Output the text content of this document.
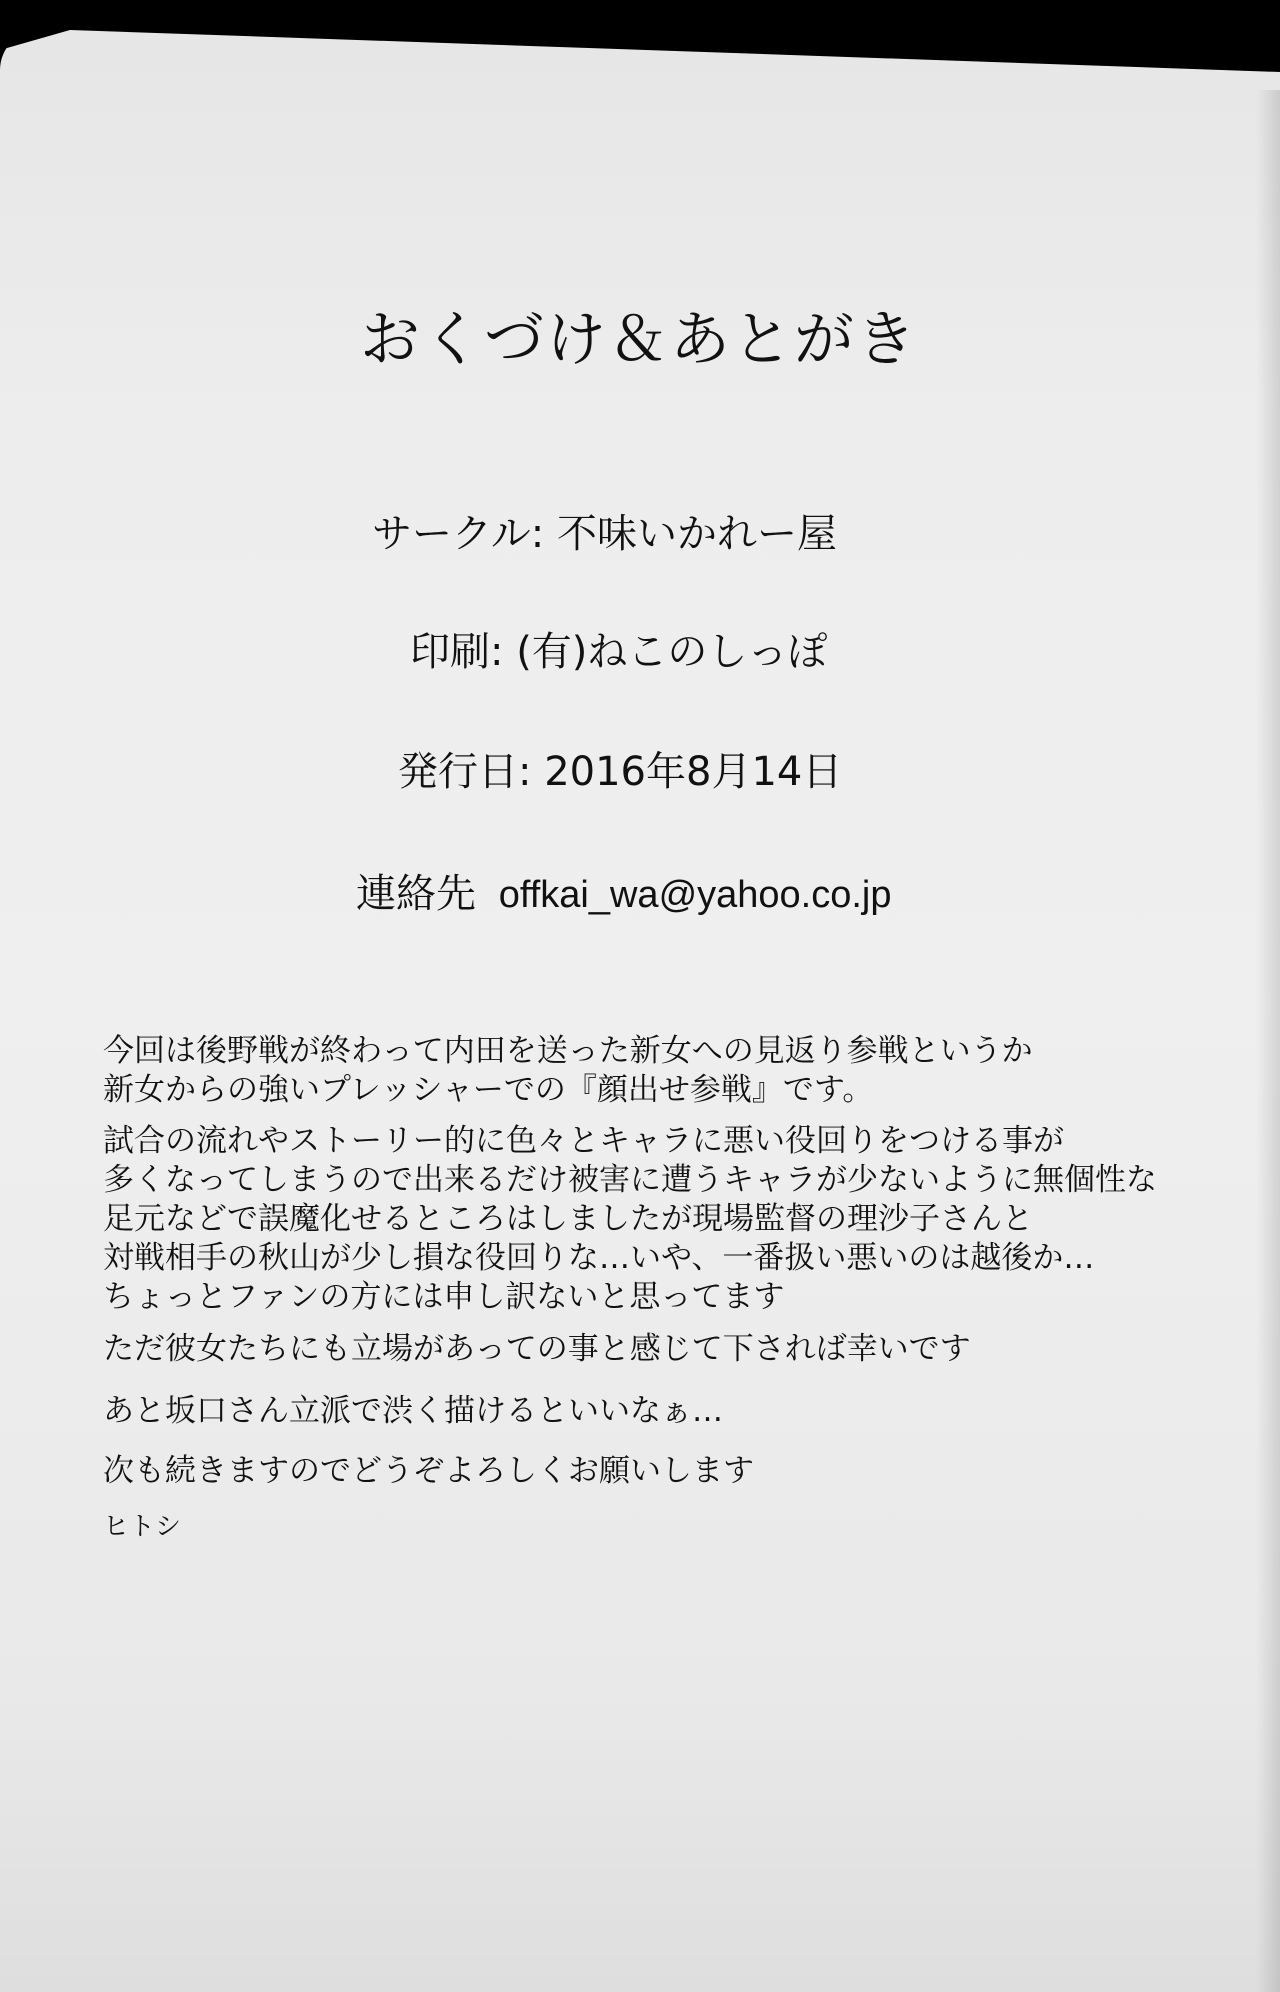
おくづけ＆あとがき
サークル: 不味いかれー屋
印刷: (有)ねこのしっぽ
発行日: 2016年8月14日
連絡先 offkai_wa@yahoo.co.jp
今回は後野戦が終わって内田を送った新女への見返り参戦というか
新女からの強いプレッシャーでの『顔出せ参戦』です。
試合の流れやストーリー的に色々とキャラに悪い役回りをつける事が
多くなってしまうので出来るだけ被害に遭うキャラが少ないように無個性な
足元などで誤魔化せるところはしましたが現場監督の理沙子さんと
対戦相手の秋山が少し損な役回りな…いや、一番扱い悪いのは越後か…
ちょっとファンの方には申し訳ないと思ってます
ただ彼女たちにも立場があっての事と感じて下されば幸いです
あと坂口さん立派で渋く描けるといいなぁ…
次も続きますのでどうぞよろしくお願いします
ヒトシ
